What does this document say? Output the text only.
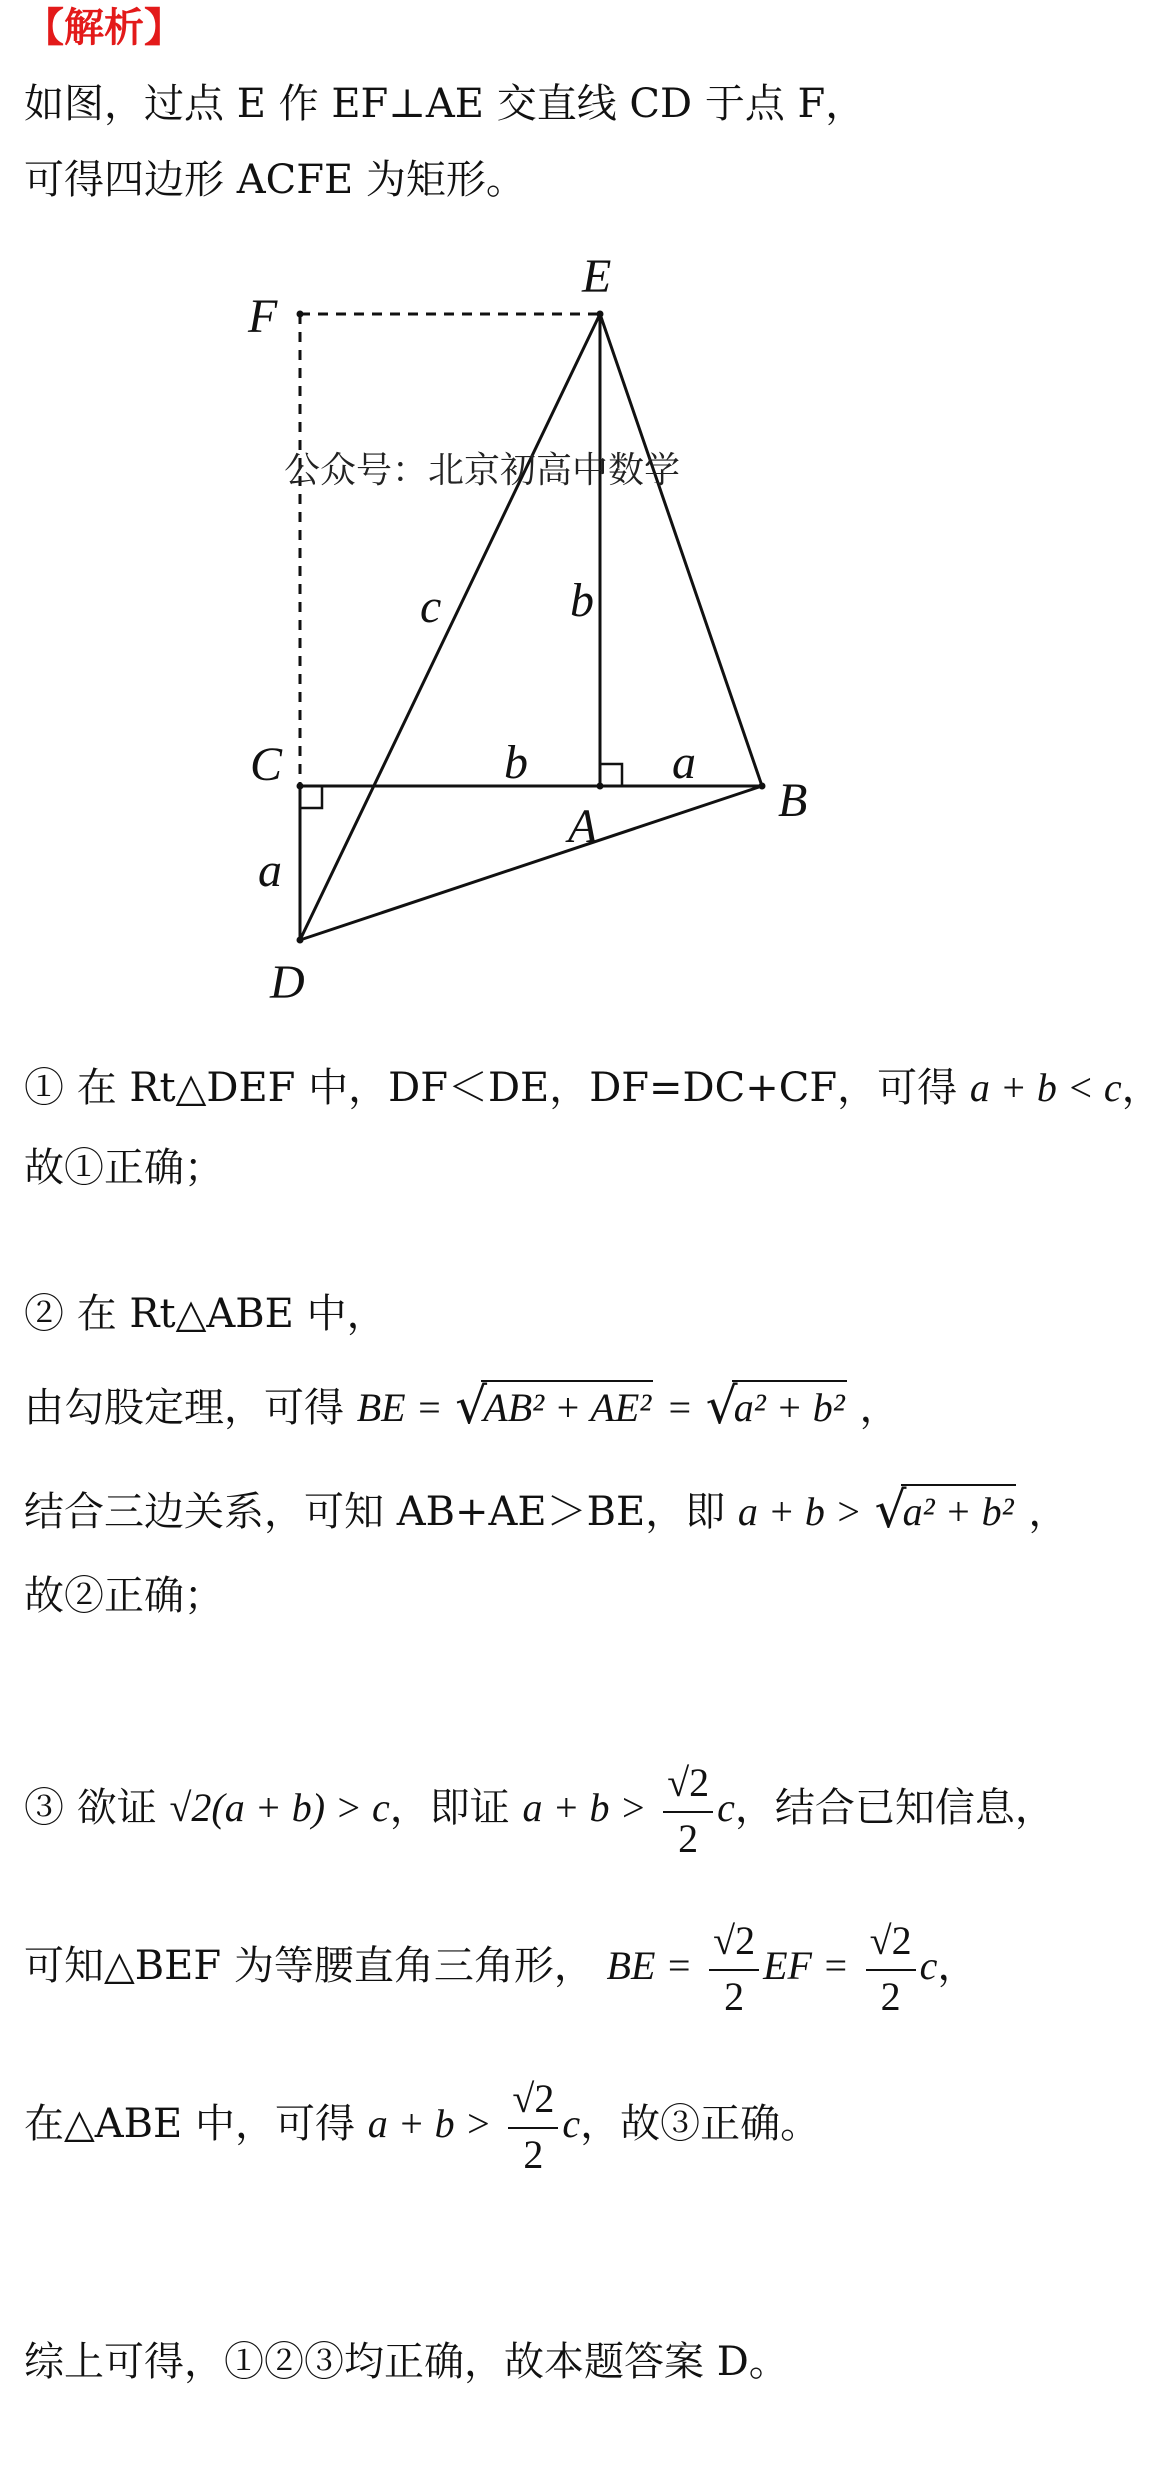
【解析】
如图，过点 E 作 EF⊥AE 交直线 CD 于点 F，
可得四边形 ACFE 为矩形。
E
F
C
A	B
D
c	b
b	a
a
公众号：北京初高中数学
① 在 Rt△DEF 中，DF＜DE，DF=DC+CF，可得 a + b < c，
故①正确；
② 在 Rt△ABE 中，
由勾股定理，可得 BE = √
AB² + AE² = √
a² + b² ，
结合三边关系，可知 AB+AE＞BE，即 a + b > √
a² + b² ，
故②正确；
③ 欲证 √2(a + b) > c，即证 $a + b > \frac{√2}{2}$ c，结合已知信息，
可知△BEF 为等腰直角三角形， BE = $\frac{√2}{2}$ EF = $\frac{√2}{2}$ c，
在△ABE 中，可得 $a + b > \frac{√2}{2}$ c，故③正确。
综上可得，①②③均正确，故本题答案 D。
